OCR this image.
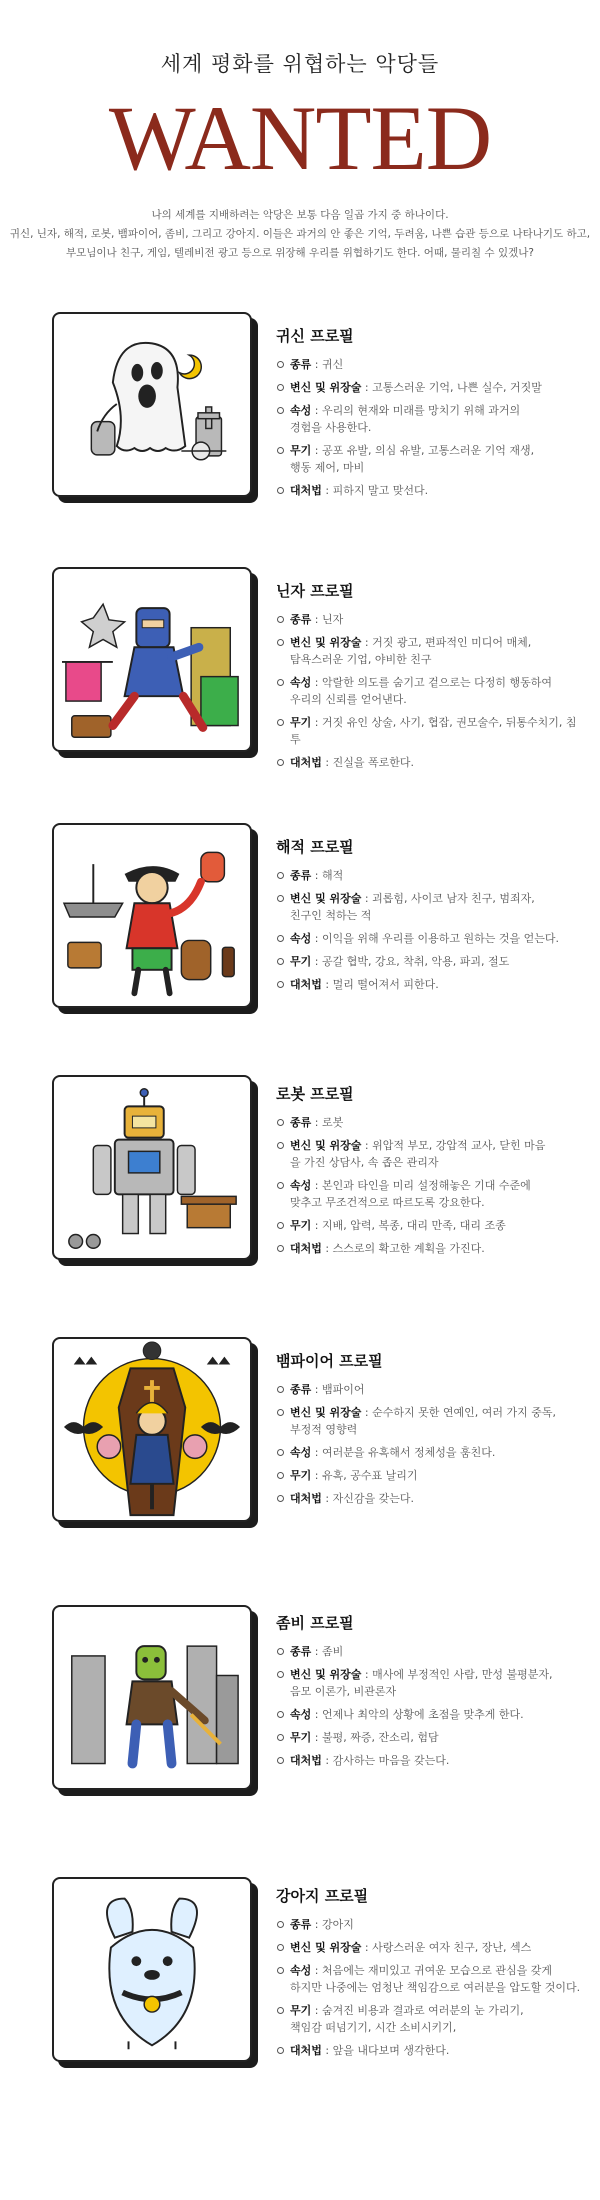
세계 평화를 위협하는 악당들
WANTED
나의 세계를 지배하려는 악당은 보통 다음 일곱 가지 중 하나이다.
귀신, 닌자, 해적, 로봇, 뱀파이어, 좀비, 그리고 강아지. 이들은 과거의 안 좋은 기억, 두려움, 나쁜 습관 등으로 나타나기도 하고,
부모님이나 친구, 게임, 텔레비전 광고 등으로 위장해 우리를 위협하기도 한다. 어때, 물리칠 수 있겠나?
귀신 프로필
종류 : 귀신
변신 및 위장술 : 고통스러운 기억, 나쁜 실수, 거짓말
속성 : 우리의 현재와 미래를 망치기 위해 과거의
경험을 사용한다.
무기 : 공포 유발, 의심 유발, 고통스러운 기억 재생,
행동 제어, 마비
대처법 : 피하지 말고 맞선다.
닌자 프로필
종류 : 닌자
변신 및 위장술 : 거짓 광고, 편파적인 미디어 매체,
탐욕스러운 기업, 야비한 친구
속성 : 악랄한 의도를 숨기고 겉으로는 다정히 행동하여
우리의 신뢰를 얻어낸다.
무기 : 거짓 유인 상술, 사기, 협잡, 권모술수, 뒤통수치기, 침투
대처법 : 진실을 폭로한다.
해적 프로필
종류 : 해적
변신 및 위장술 : 괴롭힘, 사이코 남자 친구, 범죄자,
친구인 척하는 적
속성 : 이익을 위해 우리를 이용하고 원하는 것을 얻는다.
무기 : 공갈 협박, 강요, 착취, 악용, 파괴, 절도
대처법 : 멀리 떨어져서 피한다.
로봇 프로필
종류 : 로봇
변신 및 위장술 : 위압적 부모, 강압적 교사, 닫힌 마음
을 가진 상담사, 속 좁은 관리자
속성 : 본인과 타인을 미리 설정해놓은 기대 수준에
맞추고 무조건적으로 따르도록 강요한다.
무기 : 지배, 압력, 복종, 대리 만족, 대리 조종
대처법 : 스스로의 확고한 계획을 가진다.
뱀파이어 프로필
종류 : 뱀파이어
변신 및 위장술 : 순수하지 못한 연예인, 여러 가지 중독,
부정적 영향력
속성 : 여러분을 유혹해서 정체성을 훔친다.
무기 : 유혹, 공수표 날리기
대처법 : 자신감을 갖는다.
좀비 프로필
종류 : 좀비
변신 및 위장술 : 매사에 부정적인 사람, 만성 불평분자,
음모 이론가, 비관론자
속성 : 언제나 최악의 상황에 초점을 맞추게 한다.
무기 : 불평, 짜증, 잔소리, 험담
대처법 : 감사하는 마음을 갖는다.
강아지 프로필
종류 : 강아지
변신 및 위장술 : 사랑스러운 여자 친구, 장난, 섹스
속성 : 처음에는 재미있고 귀여운 모습으로 관심을 갖게
하지만 나중에는 엄청난 책임감으로 여러분을 압도할 것이다.
무기 : 숨겨진 비용과 결과로 여러분의 눈 가리기,
책임감 떠넘기기, 시간 소비시키기,
대처법 : 앞을 내다보며 생각한다.
